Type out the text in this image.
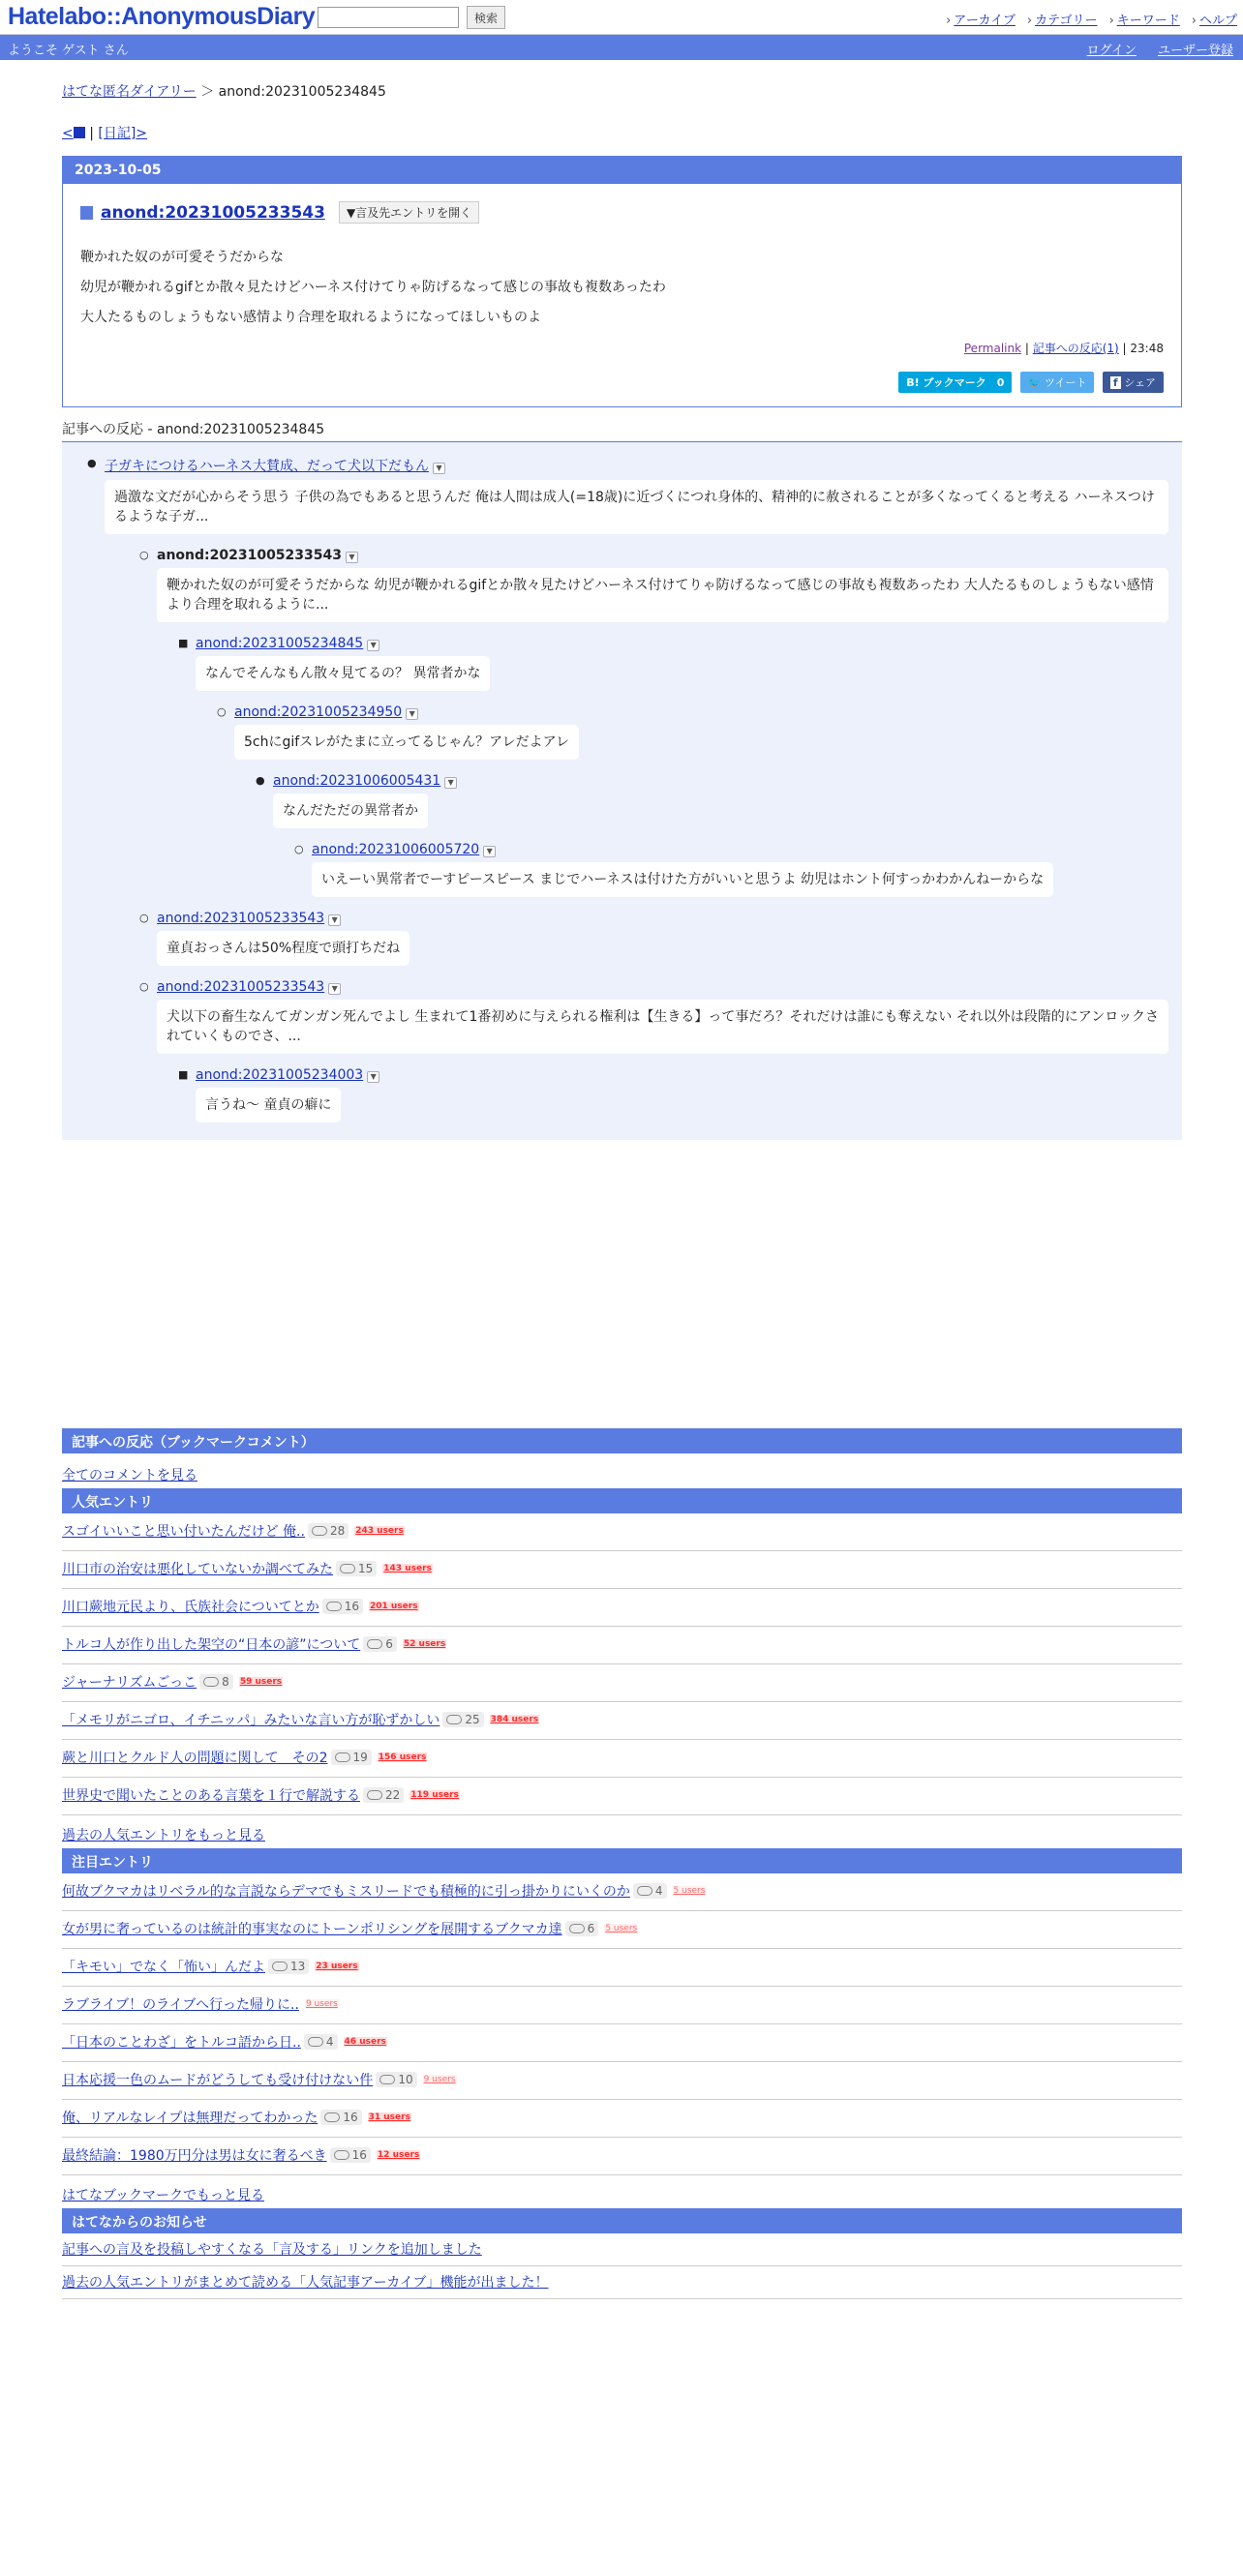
Hatelabo::AnonymousDiary	検索	› アーカイブ › カテゴリー › キーワード › ヘルプ
ようこそ ゲスト さん	ログイン ユーザー登録
はてな匿名ダイアリー ＞ anond:20231005234845
< | [日記]>
2023-10-05
anond:20231005233543	▼言及先エントリを開く

鞭かれた奴のが可愛そうだからな

幼児が鞭かれるgifとか散々見たけどハーネス付けてりゃ防げるなって感じの事故も複数あったわ

大人たるものしょうもない感情より合理を取れるようになってほしいものよ

Permalink | 記事への反応(1) | 23:48
B! ブックマーク　0 🐦 ツイート f シェア
記事への反応 - anond:20231005234845
● 子ガキにつけるハーネス大賛成、だって犬以下だもん ▼
過激な文だが心からそう思う 子供の為でもあると思うんだ 俺は人間は成人(=18歳)に近づくにつれ身体的、精神的に赦されることが多くなってくると考える ハーネスつけるような子ガ...
○ anond:20231005233543 ▼
鞭かれた奴のが可愛そうだからな 幼児が鞭かれるgifとか散々見たけどハーネス付けてりゃ防げるなって感じの事故も複数あったわ 大人たるものしょうもない感情より合理を取れるように...
■ anond:20231005234845 ▼
なんでそんなもん散々見てるの？ 異常者かな
○ anond:20231005234950 ▼
5chにgifスレがたまに立ってるじゃん？アレだよアレ
● anond:20231006005431 ▼
なんだただの異常者か
○ anond:20231006005720 ▼
いえーい異常者でーすピースピース まじでハーネスは付けた方がいいと思うよ 幼児はホント何すっかわかんねーからな
○ anond:20231005233543 ▼
童貞おっさんは50%程度で頭打ちだね
○ anond:20231005233543 ▼
犬以下の畜生なんてガンガン死んでよし 生まれて1番初めに与えられる権利は【生きる】って事だろ？それだけは誰にも奪えない それ以外は段階的にアンロックされていくものでさ、...
■ anond:20231005234003 ▼
言うね〜 童貞の癖に
記事への反応（ブックマークコメント）
全てのコメントを見る
人気エントリ
スゴイいいこと思い付いたんだけど 俺.. 28 243 users
川口市の治安は悪化していないか調べてみた 15 143 users
川口蕨地元民より、氏族社会についてとか 16 201 users
トルコ人が作り出した架空の“日本の諺”について 6 52 users
ジャーナリズムごっこ 8 59 users
「メモリがニゴロ、イチニッパ」みたいな言い方が恥ずかしい 25 384 users
蕨と川口とクルド人の問題に関して　その2 19 156 users
世界史で聞いたことのある言葉を１行で解説する 22 119 users
過去の人気エントリをもっと見る
注目エントリ
何故ブクマカはリベラル的な言説ならデマでもミスリードでも積極的に引っ掛かりにいくのか 4 5 users
女が男に奢っているのは統計的事実なのにトーンポリシングを展開するブクマカ達 6 5 users
「キモい」でなく「怖い」んだよ 13 23 users
ラブライブ！のライブへ行った帰りに.. 9 users
「日本のことわざ」をトルコ語から日.. 4 46 users
日本応援一色のムードがどうしても受け付けない件 10 9 users
俺、リアルなレイプは無理だってわかった 16 31 users
最終結論：1980万円分は男は女に奢るべき 16 12 users
はてなブックマークでもっと見る
はてなからのお知らせ
記事への言及を投稿しやすくなる「言及する」リンクを追加しました
過去の人気エントリがまとめて読める「人気記事アーカイブ」機能が出ました！
